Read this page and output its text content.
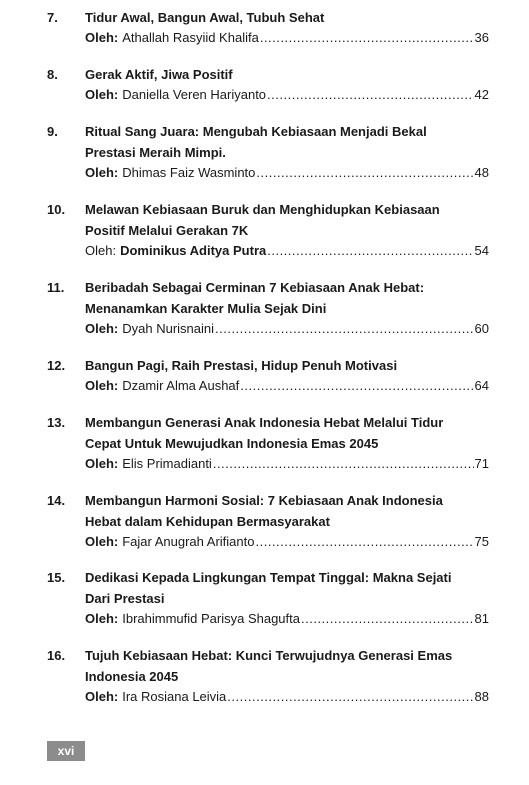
7. Tidur Awal, Bangun Awal, Tubuh Sehat
Oleh: Athallah Rasyiid Khalifa .....	36
8. Gerak Aktif, Jiwa Positif
Oleh: Daniella Veren Hariyanto .....	42
9. Ritual Sang Juara: Mengubah Kebiasaan Menjadi Bekal Prestasi Meraih Mimpi.
Oleh: Dhimas Faiz Wasminto .....	48
10. Melawan Kebiasaan Buruk dan Menghidupkan Kebiasaan Positif Melalui Gerakan 7K
Oleh: Dominikus Aditya Putra .....	54
11. Beribadah Sebagai Cerminan 7 Kebiasaan Anak Hebat: Menanamkan Karakter Mulia Sejak Dini
Oleh: Dyah Nurisnaini .....	60
12. Bangun Pagi, Raih Prestasi, Hidup Penuh Motivasi
Oleh: Dzamir Alma Aushaf .....	64
13. Membangun Generasi Anak Indonesia Hebat Melalui Tidur Cepat Untuk Mewujudkan Indonesia Emas 2045
Oleh: Elis Primadianti .....	71
14. Membangun Harmoni Sosial: 7 Kebiasaan Anak Indonesia Hebat dalam Kehidupan Bermasyarakat
Oleh: Fajar Anugrah Arifianto .....	75
15. Dedikasi Kepada Lingkungan Tempat Tinggal: Makna Sejati Dari Prestasi
Oleh: Ibrahimmufid Parisya Shagufta .....	81
16. Tujuh Kebiasaan Hebat: Kunci Terwujudnya Generasi Emas Indonesia 2045
Oleh: Ira Rosiana Leivia .....	88
xvi
